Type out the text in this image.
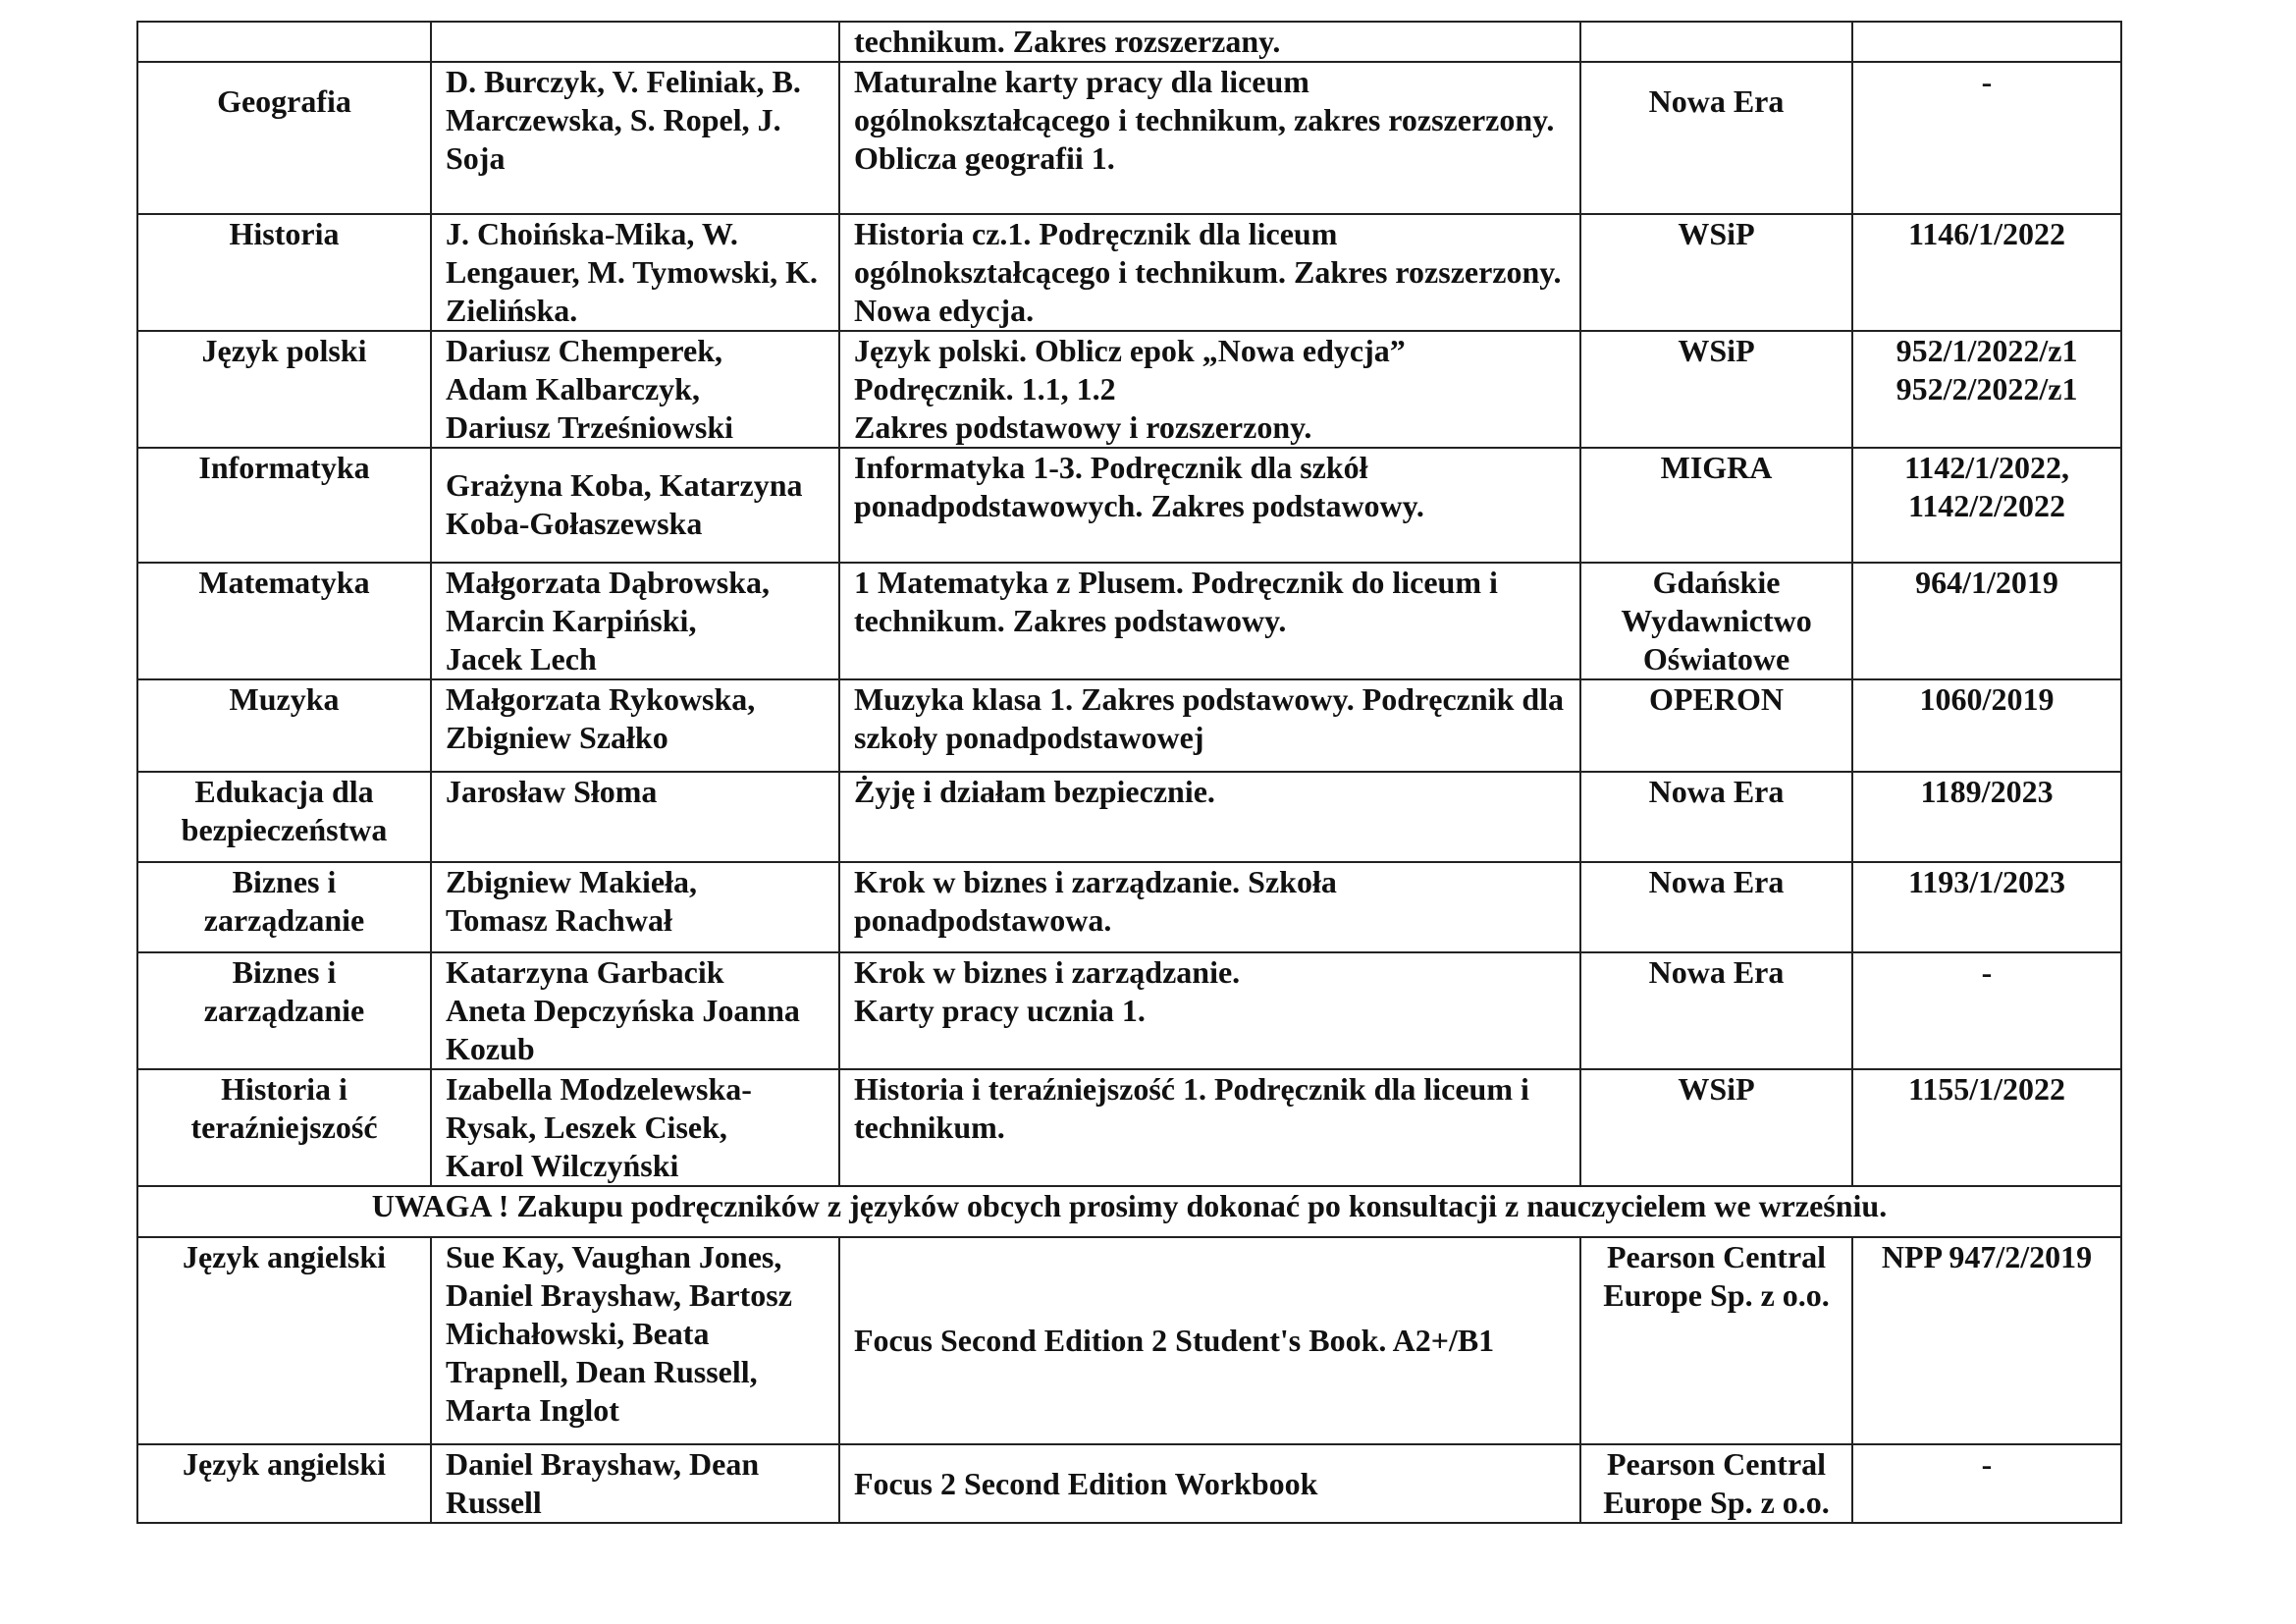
		technikum. Zakres rozszerzany.		
Geografia	D. Burczyk, V. Feliniak, B. Marczewska, S. Ropel, J. Soja	Maturalne karty pracy dla liceum ogólnokształcącego i technikum, zakres rozszerzony. Oblicza geografii 1.	Nowa Era	-
Historia	J. Choińska-Mika, W. Lengauer, M. Tymowski, K. Zielińska.	Historia cz.1. Podręcznik dla liceum ogólnokształcącego i technikum. Zakres rozszerzony. Nowa edycja.	WSiP	1146/1/2022
Język polski	Dariusz Chemperek,
Adam Kalbarczyk,
Dariusz Trześniowski	Język polski. Oblicz epok „Nowa edycja”
Podręcznik. 1.1, 1.2
Zakres podstawowy i rozszerzony.	WSiP	952/1/2022/z1
952/2/2022/z1
Informatyka	Grażyna Koba, Katarzyna Koba-Gołaszewska	Informatyka 1-3. Podręcznik dla szkół ponadpodstawowych. Zakres podstawowy.	MIGRA	1142/1/2022,
1142/2/2022
Matematyka	Małgorzata Dąbrowska,
Marcin Karpiński,
Jacek Lech	1 Matematyka z Plusem. Podręcznik do liceum i technikum. Zakres podstawowy.	Gdańskie
Wydawnictwo
Oświatowe	964/1/2019
Muzyka	Małgorzata Rykowska,
Zbigniew Szałko	Muzyka klasa 1. Zakres podstawowy. Podręcznik dla szkoły ponadpodstawowej	OPERON	1060/2019
Edukacja dla
bezpieczeństwa	Jarosław Słoma	Żyję i działam bezpiecznie.	Nowa Era	1189/2023
Biznes i
zarządzanie	Zbigniew Makieła,
Tomasz Rachwał	Krok w biznes i zarządzanie. Szkoła ponadpodstawowa.	Nowa Era	1193/1/2023
Biznes i
zarządzanie	Katarzyna Garbacik
Aneta Depczyńska Joanna Kozub	Krok w biznes i zarządzanie.
Karty pracy ucznia 1.	Nowa Era	-
Historia i
teraźniejszość	Izabella Modzelewska-Rysak, Leszek Cisek,
Karol Wilczyński	Historia i teraźniejszość 1. Podręcznik dla liceum i technikum.	WSiP	1155/1/2022
UWAGA ! Zakupu podręczników z języków obcych prosimy dokonać po konsultacji z nauczycielem we wrześniu.				
Język angielski	Sue Kay, Vaughan Jones, Daniel Brayshaw, Bartosz Michałowski, Beata Trapnell, Dean Russell, Marta Inglot	Focus Second Edition 2 Student's Book. A2+/B1	Pearson Central Europe Sp. z o.o.	NPP 947/2/2019
Język angielski	Daniel Brayshaw, Dean Russell	Focus 2 Second Edition Workbook	Pearson Central Europe Sp. z o.o.	-
